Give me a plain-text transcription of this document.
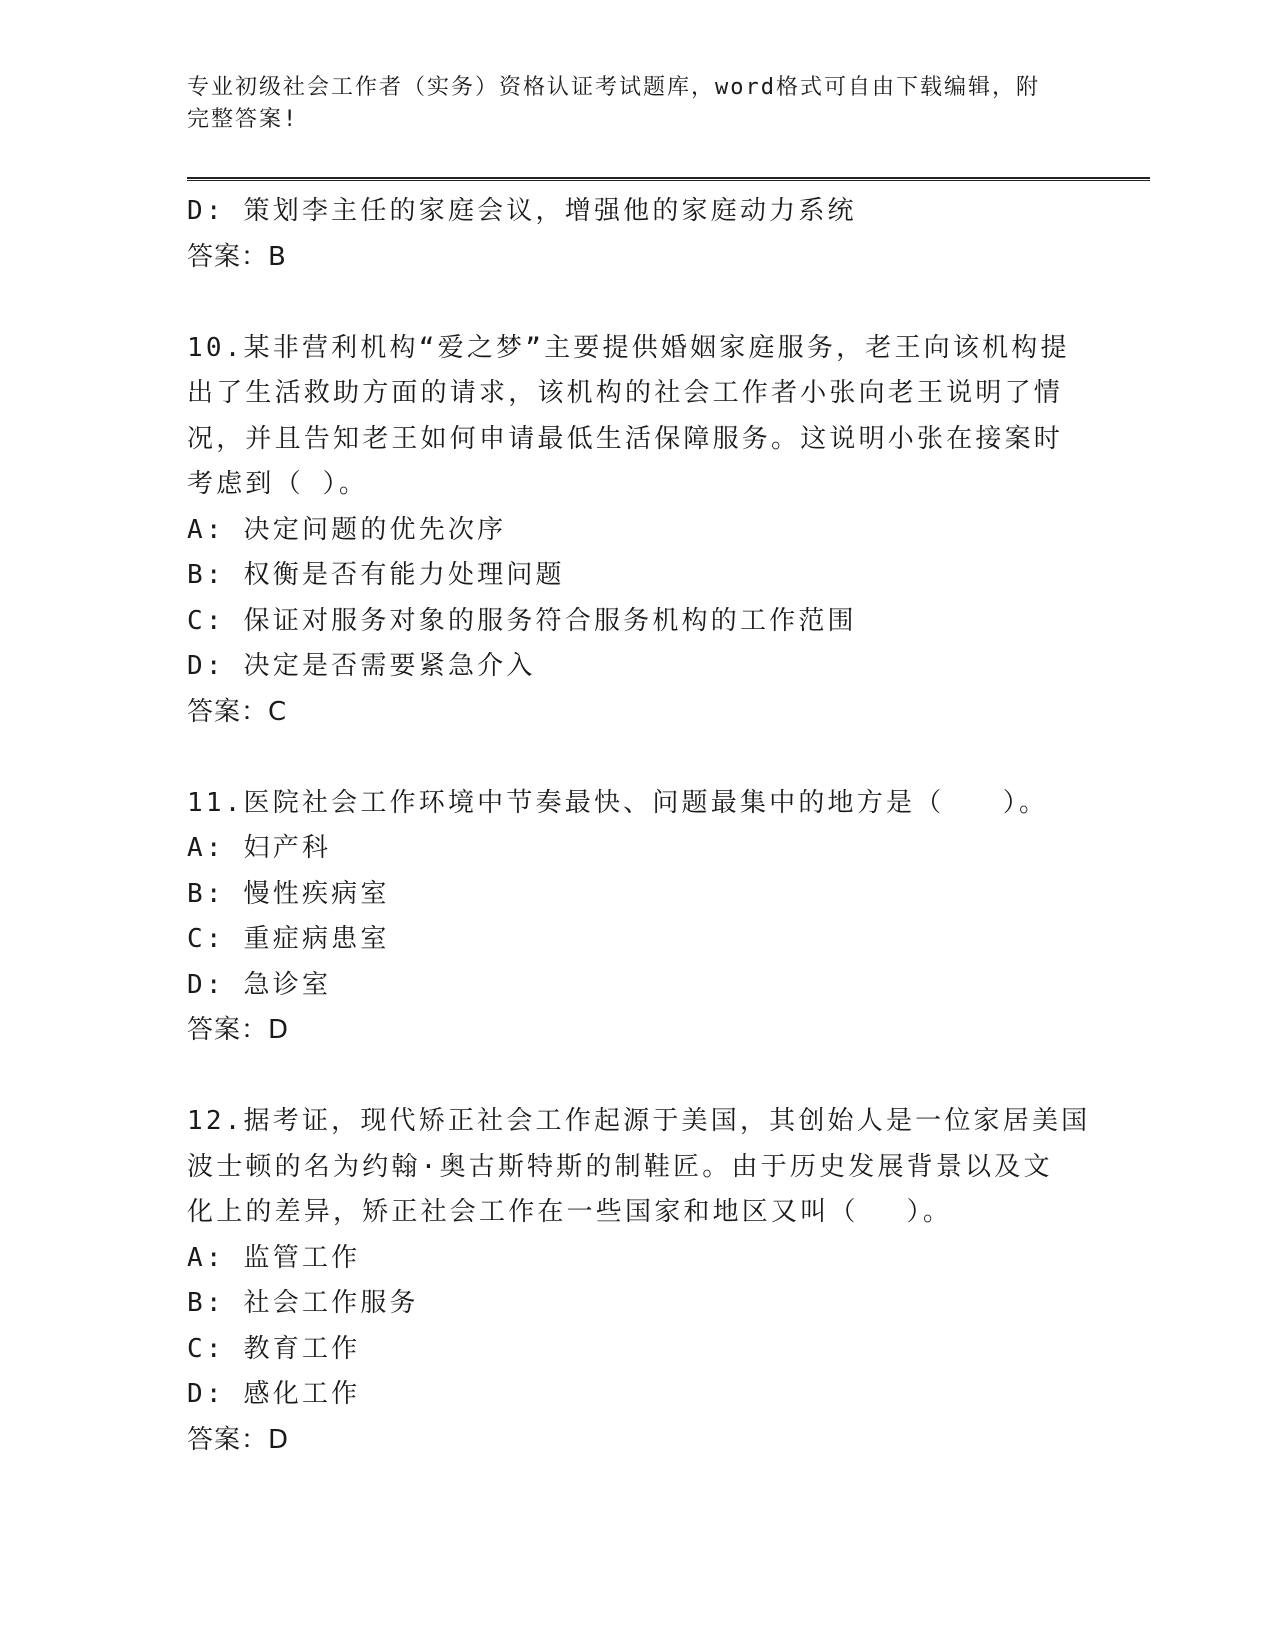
专业初级社会工作者（实务）资格认证考试题库，word格式可自由下载编辑，附
完整答案!
D: 策划李主任的家庭会议，增强他的家庭动力系统
答案：B
10.某非营利机构“爱之梦”主要提供婚姻家庭服务，老王向该机构提
出了生活救助方面的请求，该机构的社会工作者小张向老王说明了情
况，并且告知老王如何申请最低生活保障服务。这说明小张在接案时
考虑到（ ）。
A: 决定问题的优先次序
B: 权衡是否有能力处理问题
C: 保证对服务对象的服务符合服务机构的工作范围
D: 决定是否需要紧急介入
答案：C
11.医院社会工作环境中节奏最快、问题最集中的地方是（　　）。
A: 妇产科
B: 慢性疾病室
C: 重症病患室
D: 急诊室
答案：D
12.据考证，现代矫正社会工作起源于美国，其创始人是一位家居美国
波士顿的名为约翰·奥古斯特斯的制鞋匠。由于历史发展背景以及文
化上的差异，矫正社会工作在一些国家和地区又叫（　 ）。
A: 监管工作
B: 社会工作服务
C: 教育工作
D: 感化工作
答案：D
